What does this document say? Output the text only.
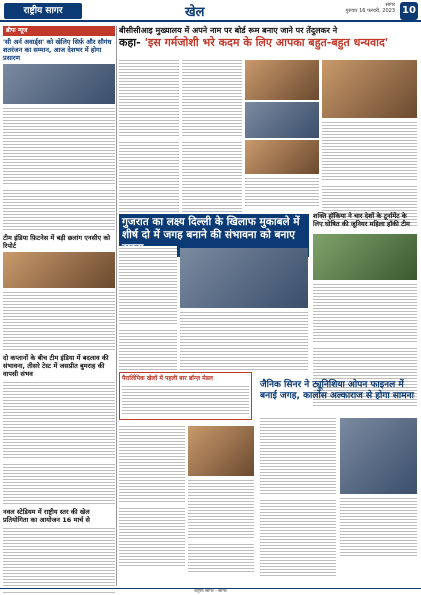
राष्ट्रीय सागर	खेल	सागर
गुरुवार 16 फरवरी, 2023 10
ब्रीफ न्यूज
'सी अर्न अवार्ड्स' को खेलिए सिर्फ़ और सौगंध शतरंजन का सम्मान, आज देशभर में होगा प्रसारण
टीम इंडिया फ़िटनेस में बड़ी छलांग एनसीए को रिपोर्ट
दो कप्तानों के बीच टीम इंडिया में बदलाव की संभावना, तीसरे टेस्ट में जसप्रीत बुमराह की वापसी संभव
नवल स्टेडियम में राष्ट्रीय स्तर की खेल प्रतियोगिता का आयोजन 16 मार्च से
बीसीसीआइ मुख्यालय में अपने नाम पर बोर्ड रूम बनाए जाने पर तेंदुलकर ने
कहा- 'इस गर्मजोशी भरे कदम के लिए आपका बहुत-बहुत धन्यवाद'
गुजरात का लक्ष्य दिल्ली के खिलाफ मुकाबले में शीर्ष दो में जगह बनाने की संभावना को बनाए
शक्ति हॉकिया ने चार देशों के टूर्नामेंट के लिए घोषित की जूनियर महिला हॉकी टीम
पैरालिंपिक खेलों में पहली बार ब्रॉन्ज़ मेडल
जैनिक सिनर ने ट्यूनिशिया ओपन फाइनल में बनाई जगह, कार्लोस अल्काराज से होगा सामना
राष्ट्रीय सागर - सागर
